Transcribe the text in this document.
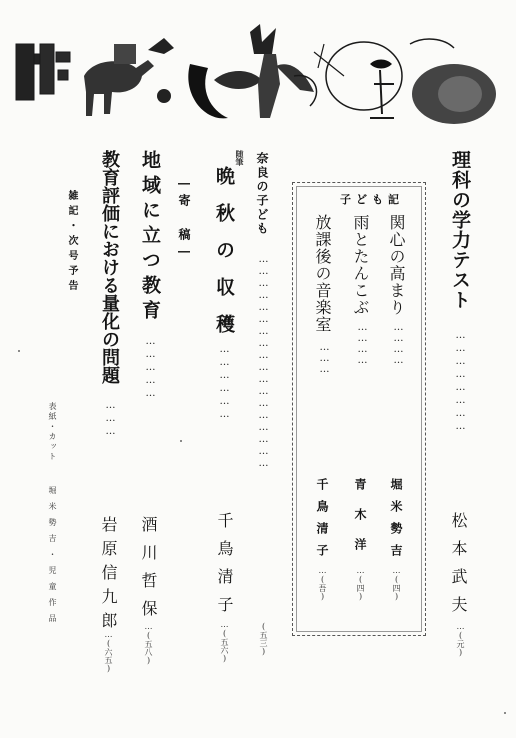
理科の学力テスト
……………………
松本武夫
…(元)
子ども記
関心の高まり
…………
堀米勢吉
…(四)
雨とたんこぶ
…………
青木洋
…(四)
放課後の音楽室
………
千鳥清子
…(吾)
奈良の子ども
………………………………………………
(五三)
随筆
晩秋の収穫
………………
千鳥清子
…(五六)
―寄 稿―
地域に立つ教育
……………
酒川哲保
…(五八)
教育評価における量化の問題
………
岩原信九郎
…(六五)
雑記・次号予告
表紙・カット
堀米勢吉・児童作品
